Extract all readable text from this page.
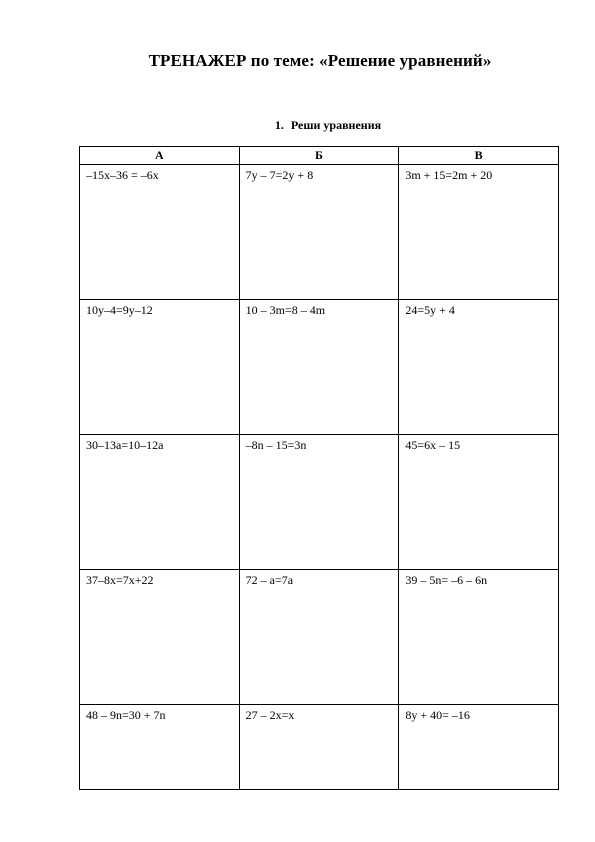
ТРЕНАЖЕР по теме: «Решение уравнений»
1. Реши уравнения
А	Б	В

–15x–36 = –6x	7y – 7=2y + 8	3m + 15=2m + 20

10y–4=9y–12	10 – 3m=8 – 4m	24=5y + 4

30–13a=10–12a	–8n – 15=3n	45=6x – 15

37–8x=7x+22	72 – a=7a	39 – 5n= –6 – 6n

48 – 9n=30 + 7n	27 – 2x=x	8y + 40= –16
